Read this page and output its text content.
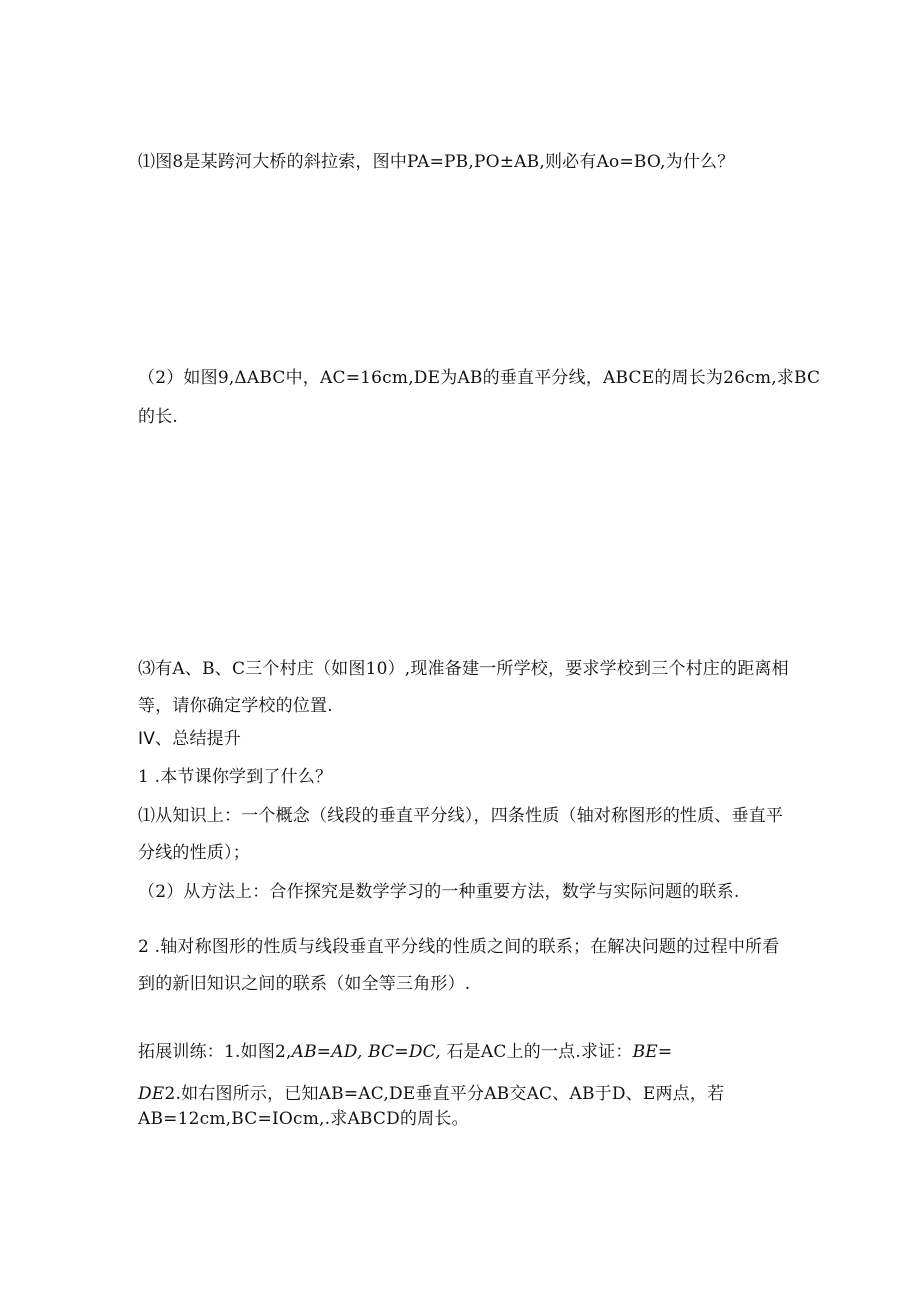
⑴图8是某跨河大桥的斜拉索，图中PA=PB,PO±AB,则必有Ao=BO,为什么？

（2）如图9,ΔABC中，AC=16cm,DE为AB的垂直平分线，ABCE的周长为26cm,求BC

的长.

⑶有A、B、C三个村庄（如图10）,现准备建一所学校，要求学校到三个村庄的距离相

等，请你确定学校的位置.

IV、总结提升

1 .本节课你学到了什么？

⑴从知识上：一个概念（线段的垂直平分线），四条性质（轴对称图形的性质、垂直平

分线的性质）；

（2）从方法上：合作探究是数学学习的一种重要方法，数学与实际问题的联系.

2 .轴对称图形的性质与线段垂直平分线的性质之间的联系；在解决问题的过程中所看

到的新旧知识之间的联系（如全等三角形）.

拓展训练：1.如图2,AB=AD, BC=DC, 石是AC上的一点.求证：BE=

DE2.如右图所示，已知AB=AC,DE垂直平分AB交AC、AB于D、E两点，若

AB=12cm,BC=IOcm,.求ABCD的周长。
